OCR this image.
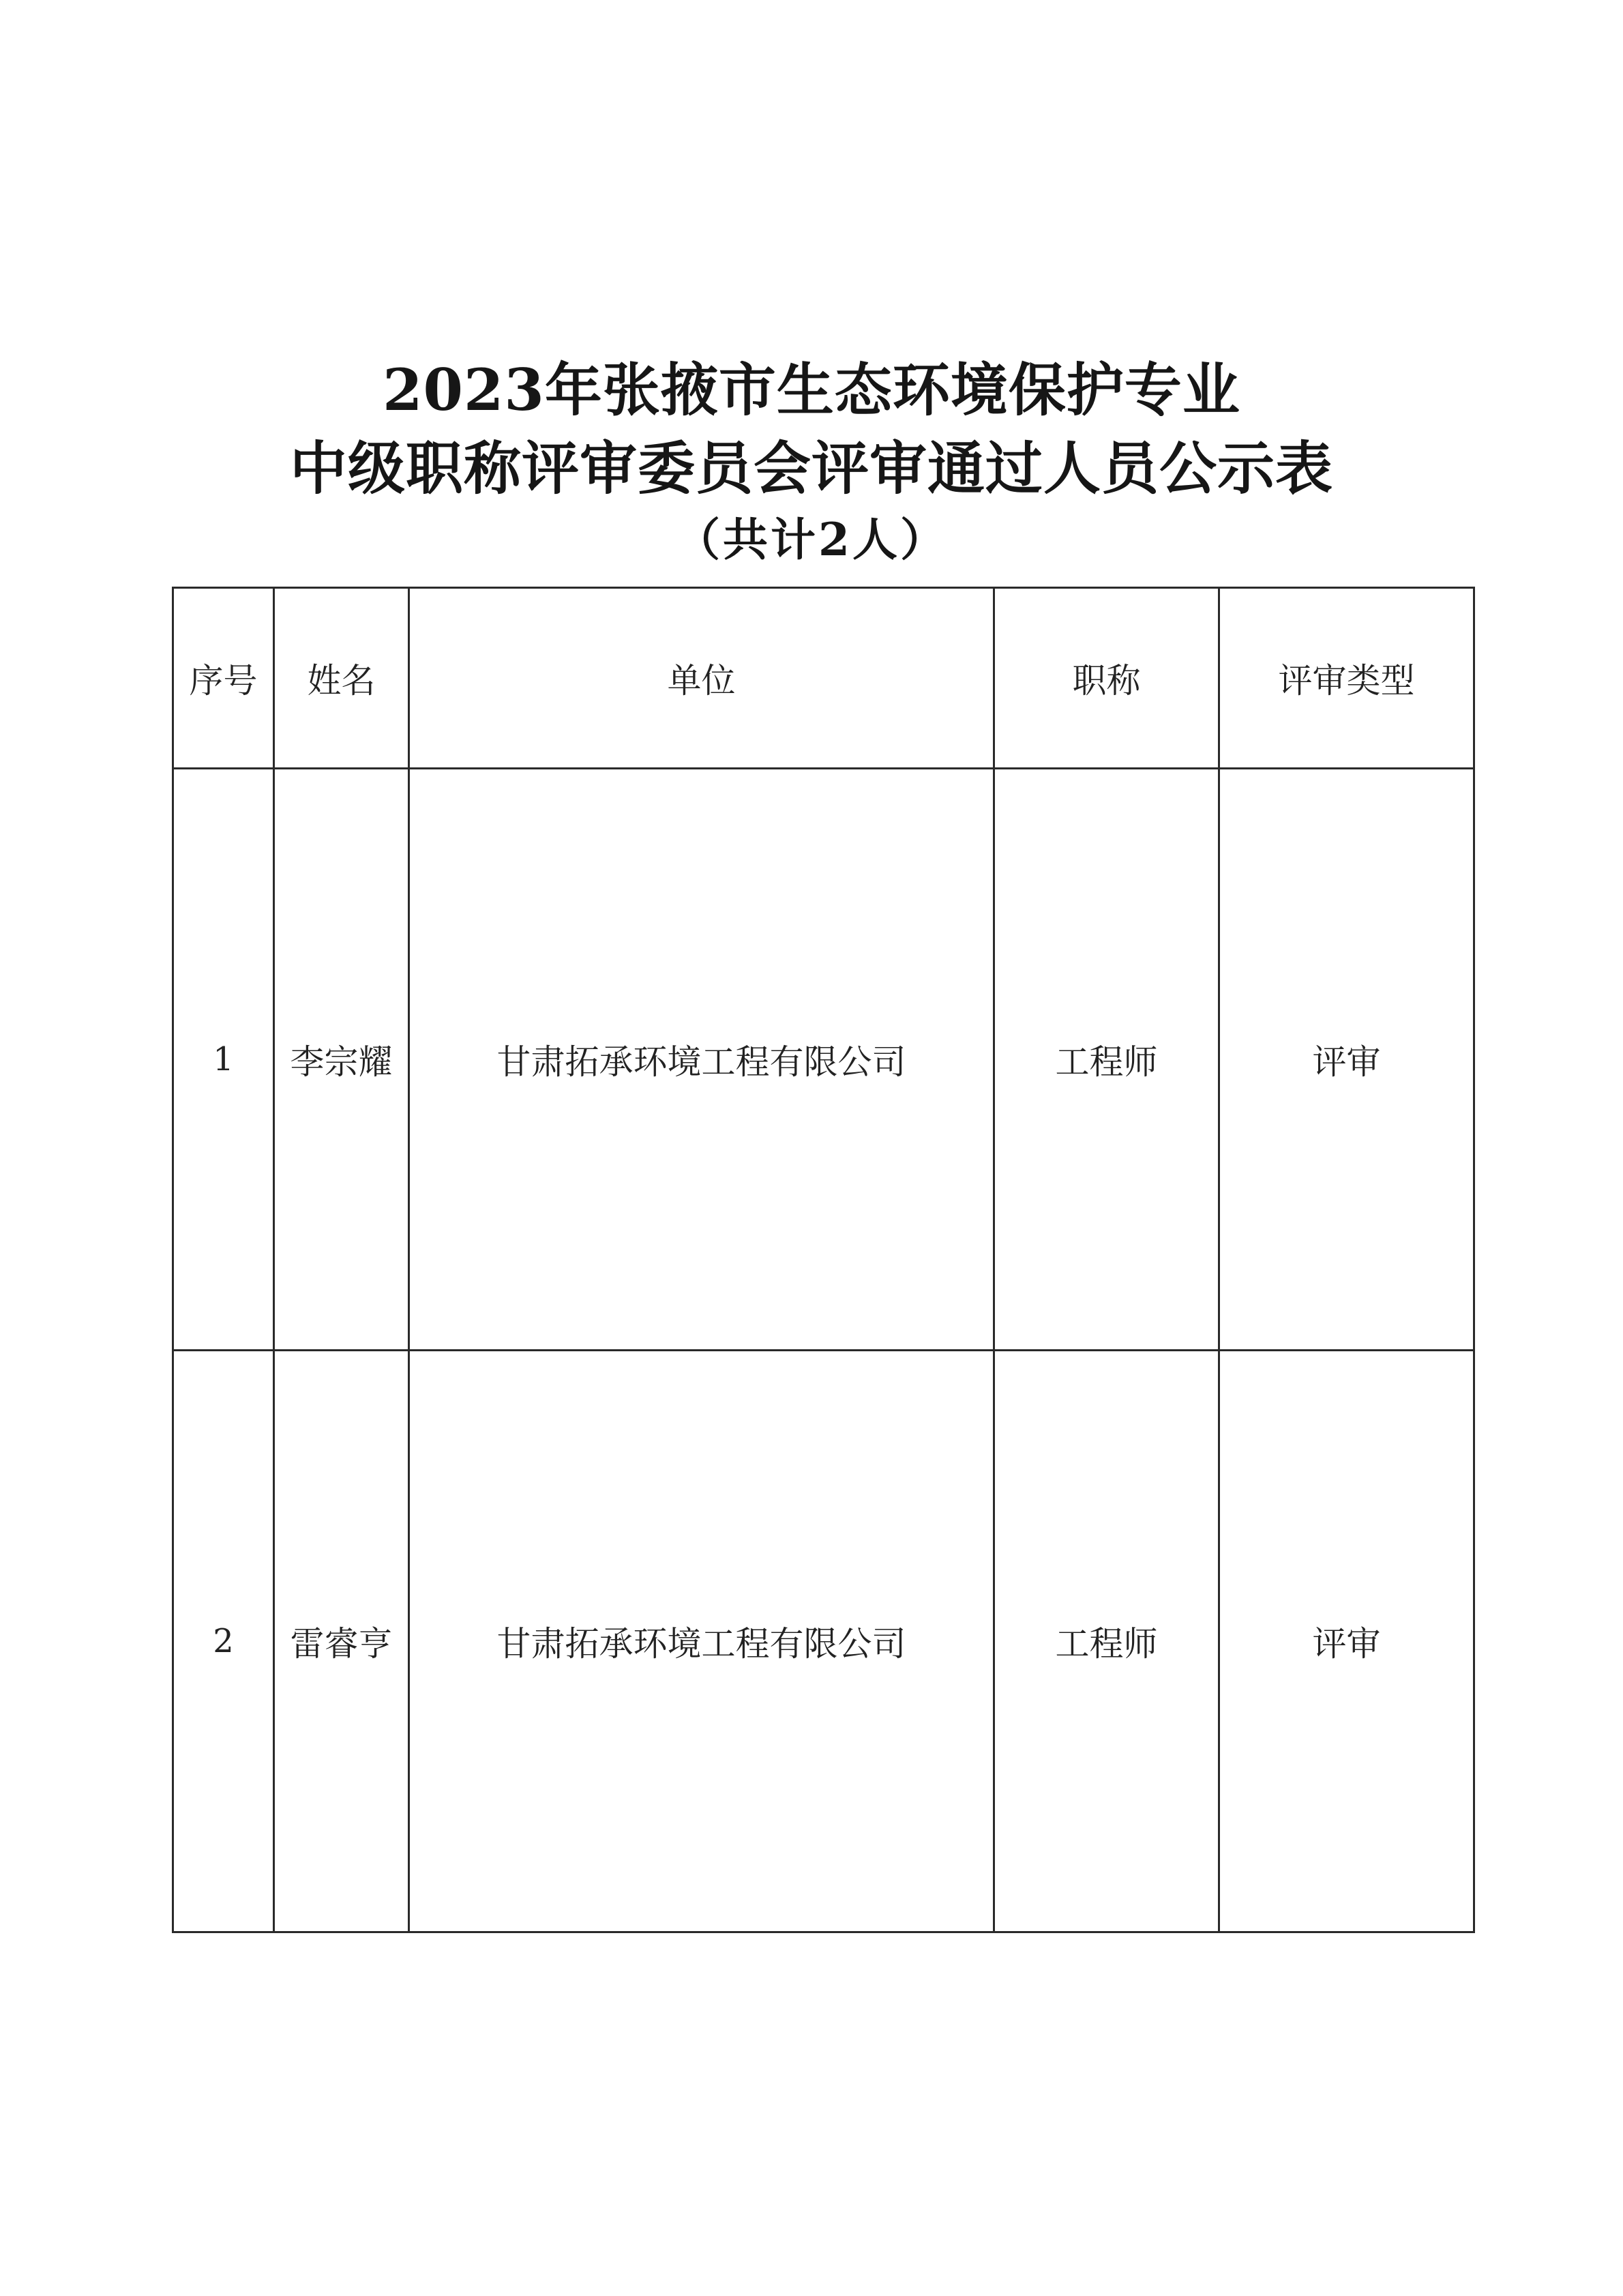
2023年张掖市生态环境保护专业
中级职称评审委员会评审通过人员公示表
（共计2人）
序号	姓名	单位	职称	评审类型
1	李宗耀	甘肃拓承环境工程有限公司	工程师	评审
2	雷睿亨	甘肃拓承环境工程有限公司	工程师	评审
